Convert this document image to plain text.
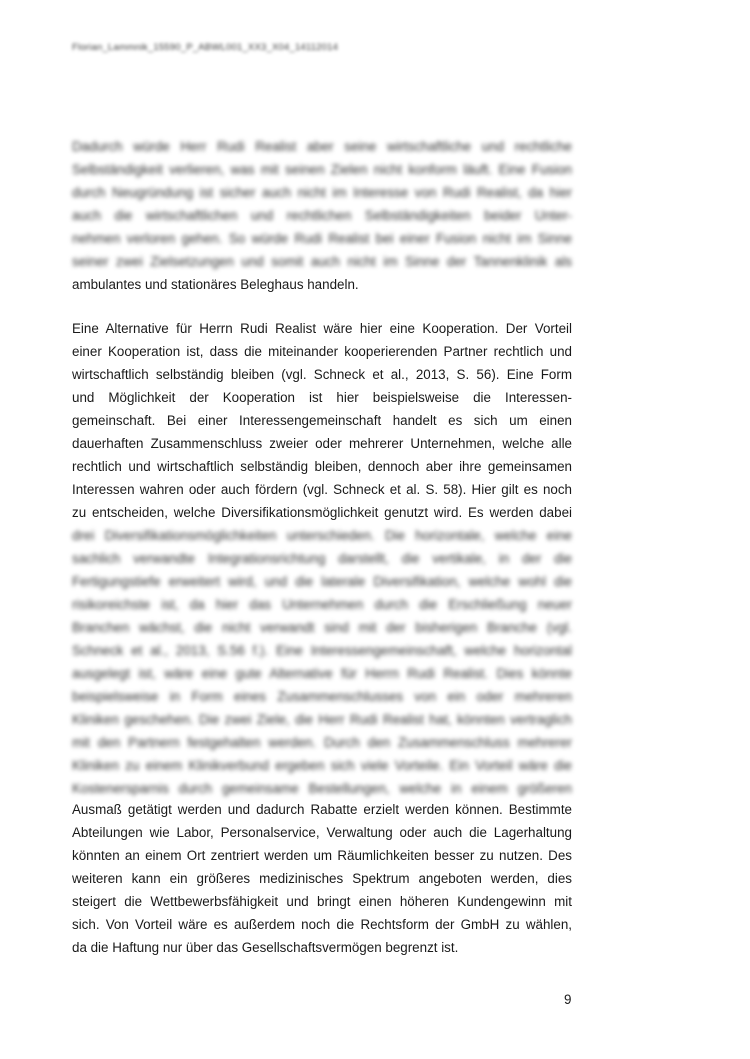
Florian_Lammnik_15590_P_ABWL001_XX3_X04_14112014
Dadurch würde Herr Rudi Realist aber seine wirtschaftliche und rechtliche
Selbständigkeit verlieren, was mit seinen Zielen nicht konform läuft. Eine Fusion
durch Neugründung ist sicher auch nicht im Interesse von Rudi Realist, da hier
auch die wirtschaftlichen und rechtlichen Selbständigkeiten beider Unter-
nehmen verloren gehen. So würde Rudi Realist bei einer Fusion nicht im Sinne
seiner zwei Zielsetzungen und somit auch nicht im Sinne der Tannenklinik als
ambulantes und stationäres Beleghaus handeln.
Eine Alternative für Herrn Rudi Realist wäre hier eine Kooperation. Der Vorteil
einer Kooperation ist, dass die miteinander kooperierenden Partner rechtlich und
wirtschaftlich selbständig bleiben (vgl. Schneck et al., 2013, S. 56). Eine Form
und Möglichkeit der Kooperation ist hier beispielsweise die Interessen-
gemeinschaft. Bei einer Interessengemeinschaft handelt es sich um einen
dauerhaften Zusammenschluss zweier oder mehrerer Unternehmen, welche alle
rechtlich und wirtschaftlich selbständig bleiben, dennoch aber ihre gemeinsamen
Interessen wahren oder auch fördern (vgl. Schneck et al. S. 58). Hier gilt es noch
zu entscheiden, welche Diversifikationsmöglichkeit genutzt wird. Es werden dabei
drei Diversifikationsmöglichkeiten unterschieden. Die horizontale, welche eine
sachlich verwandte Integrationsrichtung darstellt, die vertikale, in der die
Fertigungstiefe erweitert wird, und die laterale Diversifikation, welche wohl die
risikoreichste ist, da hier das Unternehmen durch die Erschließung neuer
Branchen wächst, die nicht verwandt sind mit der bisherigen Branche (vgl.
Schneck et al., 2013, S.56 f.). Eine Interessengemeinschaft, welche horizontal
ausgelegt ist, wäre eine gute Alternative für Herrn Rudi Realist. Dies könnte
beispielsweise in Form eines Zusammenschlusses von ein oder mehreren
Kliniken geschehen. Die zwei Ziele, die Herr Rudi Realist hat, könnten vertraglich
mit den Partnern festgehalten werden. Durch den Zusammenschluss mehrerer
Kliniken zu einem Klinikverbund ergeben sich viele Vorteile. Ein Vorteil wäre die
Kostenersparnis durch gemeinsame Bestellungen, welche in einem größeren
Ausmaß getätigt werden und dadurch Rabatte erzielt werden können. Bestimmte
Abteilungen wie Labor, Personalservice, Verwaltung oder auch die Lagerhaltung
könnten an einem Ort zentriert werden um Räumlichkeiten besser zu nutzen. Des
weiteren kann ein größeres medizinisches Spektrum angeboten werden, dies
steigert die Wettbewerbsfähigkeit und bringt einen höheren Kundengewinn mit
sich. Von Vorteil wäre es außerdem noch die Rechtsform der GmbH zu wählen,
da die Haftung nur über das Gesellschaftsvermögen begrenzt ist.
9
